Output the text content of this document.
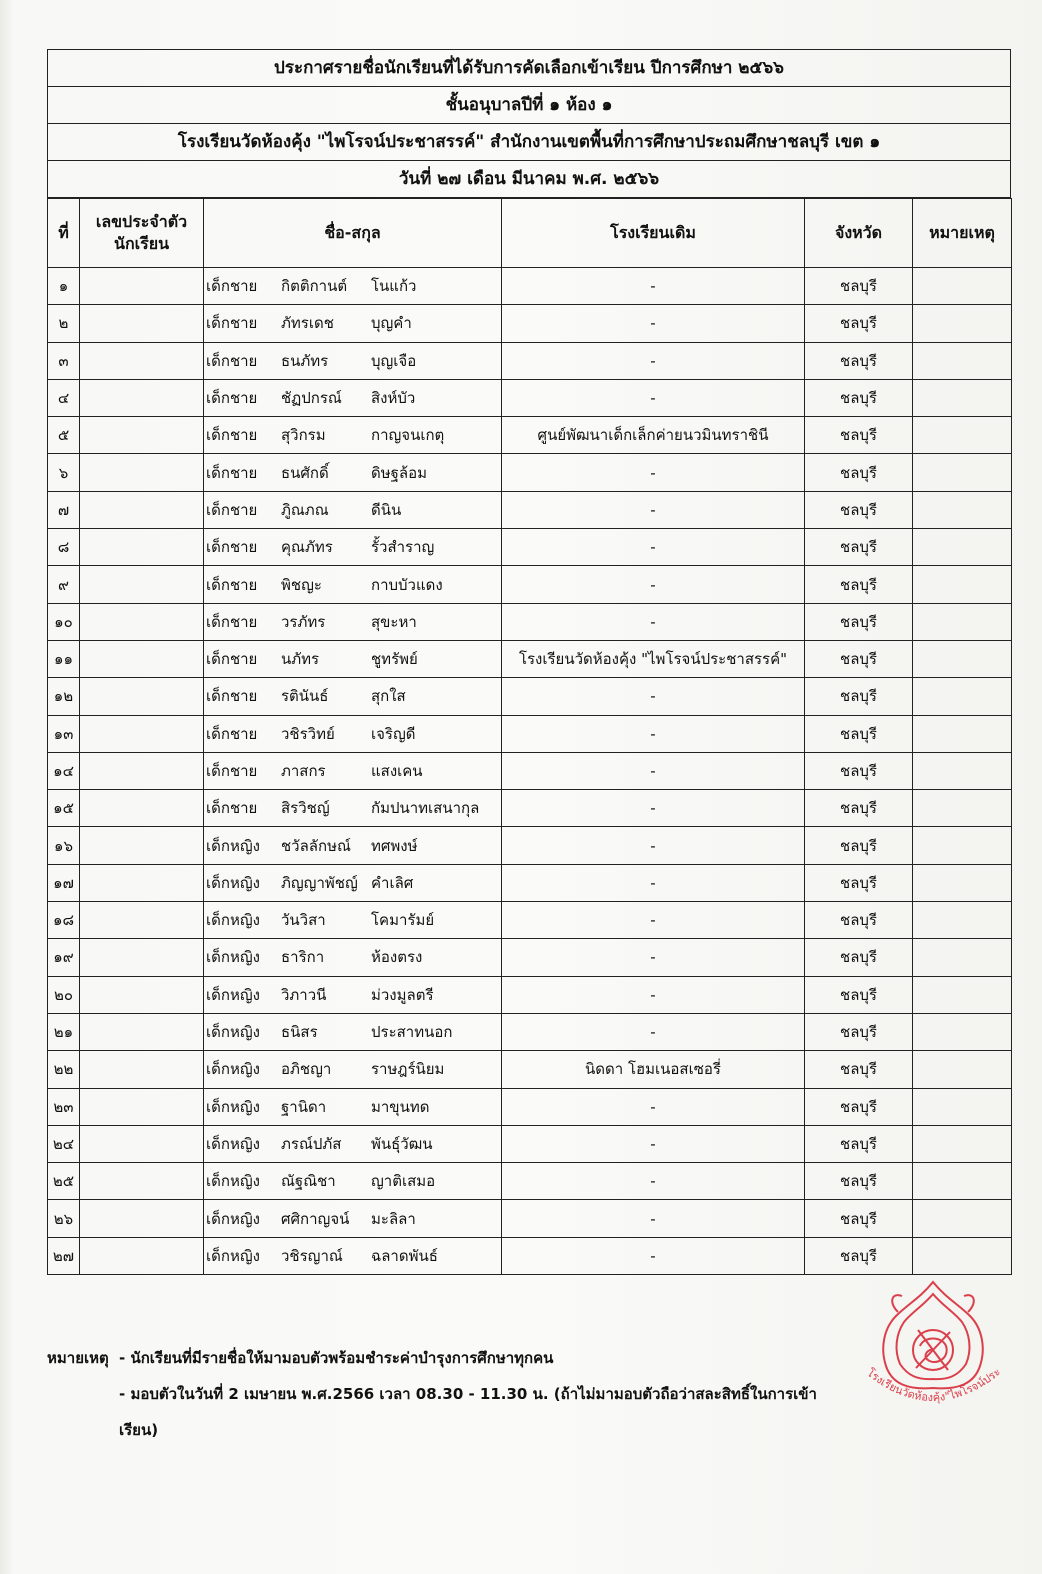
ประกาศรายชื่อนักเรียนที่ได้รับการคัดเลือกเข้าเรียน ปีการศึกษา ๒๕๖๖
ชั้นอนุบาลปีที่ ๑ ห้อง ๑
โรงเรียนวัดห้องคุ้ง "ไพโรจน์ประชาสรรค์" สำนักงานเขตพื้นที่การศึกษาประถมศึกษาชลบุรี เขต ๑
วันที่ ๒๗ เดือน มีนาคม พ.ศ. ๒๕๖๖
ที่	เลขประจำตัว นักเรียน	ชื่อ-สกุล	โรงเรียนเดิม	จังหวัด	หมายเหตุ
๑		เด็กชาย กิตติกานต์ โนแก้ว	-	ชลบุรี	
๒		เด็กชาย ภัทรเดช บุญคำ	-	ชลบุรี	
๓		เด็กชาย ธนภัทร บุญเจือ	-	ชลบุรี	
๔		เด็กชาย ชัฏปกรณ์ สิงห์บัว	-	ชลบุรี	
๕		เด็กชาย สุวิกรม กาญจนเกตุ	ศูนย์พัฒนาเด็กเล็กค่ายนวมินทราชินี	ชลบุรี	
๖		เด็กชาย ธนศักดิ์ ดิษฐล้อม	-	ชลบุรี	
๗		เด็กชาย ภูิณภณ ดีนิน	-	ชลบุรี	
๘		เด็กชาย คุณภัทร รั้วสำราญ	-	ชลบุรี	
๙		เด็กชาย พิชญะ กาบบัวแดง	-	ชลบุรี	
๑๐		เด็กชาย วรภัทร สุขะหา	-	ชลบุรี	
๑๑		เด็กชาย นภัทร ชูทรัพย์	โรงเรียนวัดห้องคุ้ง "ไพโรจน์ประชาสรรค์"	ชลบุรี	
๑๒		เด็กชาย รตินันธ์ สุกใส	-	ชลบุรี	
๑๓		เด็กชาย วชิรวิทย์ เจริญดี	-	ชลบุรี	
๑๔		เด็กชาย ภาสกร แสงเคน	-	ชลบุรี	
๑๕		เด็กชาย สิรวิชญ์ กัมปนาทเสนากุล	-	ชลบุรี	
๑๖		เด็กหญิง ชวัลลักษณ์ ทศพงษ์	-	ชลบุรี	
๑๗		เด็กหญิง ภิญญาพัชญ์ คำเลิศ	-	ชลบุรี	
๑๘		เด็กหญิง วันวิสา โคมารัมย์	-	ชลบุรี	
๑๙		เด็กหญิง ธาริกา ห้องตรง	-	ชลบุรี	
๒๐		เด็กหญิง วิภาวนี ม่วงมูลตรี	-	ชลบุรี	
๒๑		เด็กหญิง ธนิสร ประสาทนอก	-	ชลบุรี	
๒๒		เด็กหญิง อภิชญา ราษฎร์นิยม	นิดดา โฮมเนอสเซอรี่	ชลบุรี	
๒๓		เด็กหญิง ฐานิดา มาขุนทด	-	ชลบุรี	
๒๔		เด็กหญิง ภรณ์ปภัส พันธุ์วัฒน	-	ชลบุรี	
๒๕		เด็กหญิง ณัฐณิชา ญาติเสมอ	-	ชลบุรี	
๒๖		เด็กหญิง ศศิกาญจน์ มะลิลา	-	ชลบุรี	
๒๗		เด็กหญิง วชิรญาณ์ ฉลาดพันธ์	-	ชลบุรี	
หมายเหตุ - นักเรียนที่มีรายชื่อให้มามอบตัวพร้อมชำระค่าบำรุงการศึกษาทุกคน
- มอบตัวในวันที่ 2 เมษายน พ.ศ.2566 เวลา 08.30 - 11.30 น. (ถ้าไม่มามอบตัวถือว่าสละสิทธิ์ในการเข้าเรียน)
โรงเรียนวัดห้องคุ้ง"ไพโรจน์ประ
